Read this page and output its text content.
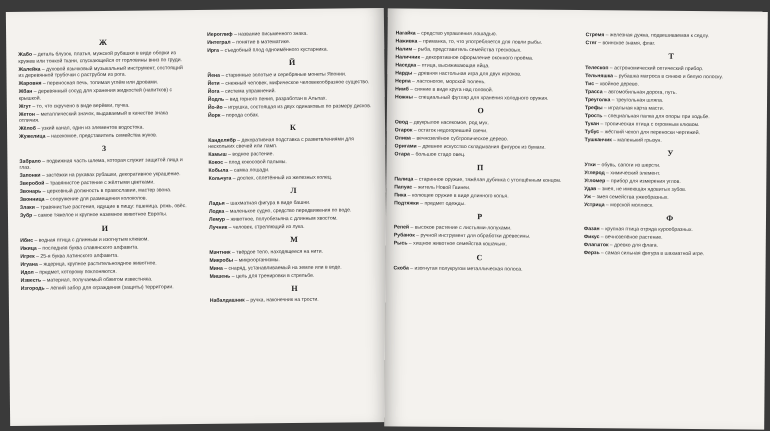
Ж
Жабо – деталь блузок, платья, мужской рубашки в виде оборки из кружев или тонкой ткани, спускающейся от горловины вниз по груди.
Жалейка – духовой язычковый музыкальный инструмент, состоящий из деревянной трубочки с раструбом из рога.
Жаровня – переносная печь, топимая углём или дровами.
Жбан – деревянный сосуд для хранения жидкостей (напитков) с крышкой.
Жгут – то, что скручено в виде верёвки, пучка.
Жетон – металлический значок, выдаваемый в качестве знака отличия.
Жёлоб – узкий канал, один из элементов водостока.
Жужелица – насекомое, представитель семейства жуков.
З
Забрало – подвижная часть шлема, которая служит защитой лица и глаз.
Запонки – застёжки на рукавах рубашки, декоративное украшение.
Зверобой – травянистое растение с жёлтыми цветками.
Звонарь – церковный должность в православии, мастер звона.
Звонница – сооружение для размещения колоколов.
Злаки – травянистые растения, идущие в пищу: пшеница, рожь, овёс.
Зубр – самое тяжелое и крупное наземное животное Европы.
И
Ибис – водная птица с длинным и изогнутым клювом.
Ижица – последняя буква славянского алфавита.
Игрек – 25-я буква латинского алфавита.
Игуана – ящерица, крупное растительноядное животное.
Идол – предмет, которому поклоняются.
Известь – материал, получаемый обжигом известняка.
Изгородь – лёгкий забор для ограждения (защиты) территории.
Иероглиф – название письменного знака.
Интеграл – понятие в математике.
Ирга – съедобный плод одноимённого кустарника.
Й
Йена – старинные золотые и серебряные монеты Японии.
Йети – снежный человек, мифическое человекообразное существо.
Йога – система упражнений.
Йодль – вид горного пения, разработан в Альпах.
Йо-йо – игрушка, состоящая из двух одинаковых по размеру дисков.
Йорк – порода собак.
К
Канделябр – декоративная подставка с разветвлениями для нескольких свечей или ламп.
Камыш – водное растение.
Кокос – плод кокосовой пальмы.
Кобыла – самка лошади.
Кольчуга – доспех, сплетённый из железных колец.
Л
Ладья – шахматная фигура в виде башни.
Лодка – маленькое судно, средство передвижения по воде.
Лемур – животное, полуобезьяна с длинным хвостом.
Лучник – человек, стреляющий из лука.
М
Мачтник – твёрдое тело, находящееся на нити.
Микробы – микроорганизмы.
Мина – снаряд, устанавливаемый на земле или в воде.
Мишень – цель для тренировки в стрельбе.
Н
Набалдашник – ручка, наконечник на трости.
Нагайка – средство управления лошадью.
Наживка – приманка, то, что употребляется для ловли рыбы.
Налим – рыба, представитель семейства тресковых.
Наличник – декоративное оформление оконного проёма.
Наседка – птица, высиживающая яйца.
Нарды – древняя настольная игра для двух игроков.
Нерпа – ластоногое, морской тюлень.
Нимб – сияние в виде круга над головой.
Ножны – специальный футляр для хранения холодного оружия.
О
Овод – двукрылое насекомое, род мух.
Огарок – остаток недогоревшей свечи.
Олива – вечнозелёное субтропическое дерево.
Оригами – древнее искусство складывания фигурок из бумаги.
Отара – большое стадо овец.
П
Палица – старинное оружие, тяжёлая дубинка с утолщённым концом.
Папуас – житель Новой Гвинеи.
Пика – колющее оружие в виде длинного копья.
Подтяжки – предмет одежды.
Р
Репей – высокое растение с листьями-лопухами.
Рубанок – ручной инструмент для обработки древесины.
Рысь – хищное животное семейства кошачьих.
С
Скоба – изогнутая полукругом металлическая полоса.
Стремя – железная дужка, подвешиваемая к седлу.
Стяг – воинское знамя, флаг.
Т
Телескоп – астрономический оптический прибор.
Тельняшка – рубашка матроса в синюю и белую полоску.
Тис – хвойное дерево.
Трасса – автомобильная дорога, путь.
Треуголка – треугольная шляпа.
Трефы – игральная карта масти.
Трость – специальная палка для опоры при ходьбе.
Тукан – тропическая птица с огромным клювом.
Тубус – жёсткий чехол для переноски чертежей.
Тушканчик – маленький грызун.
У
Утки – обувь, сапоги из шерсти.
Углерод – химический элемент.
Угломер – прибор для измерения углов.
Удав – змея, не имеющая ядовитых зубов.
Уж – змея семейства ужеобразных.
Устрица – морской моллюск.
Ф
Фазан – крупная птица отряда курообразных.
Фикус – вечнозелёное растение.
Флагшток – древко для флага.
Ферзь – самая сильная фигура в шахматной игре.
